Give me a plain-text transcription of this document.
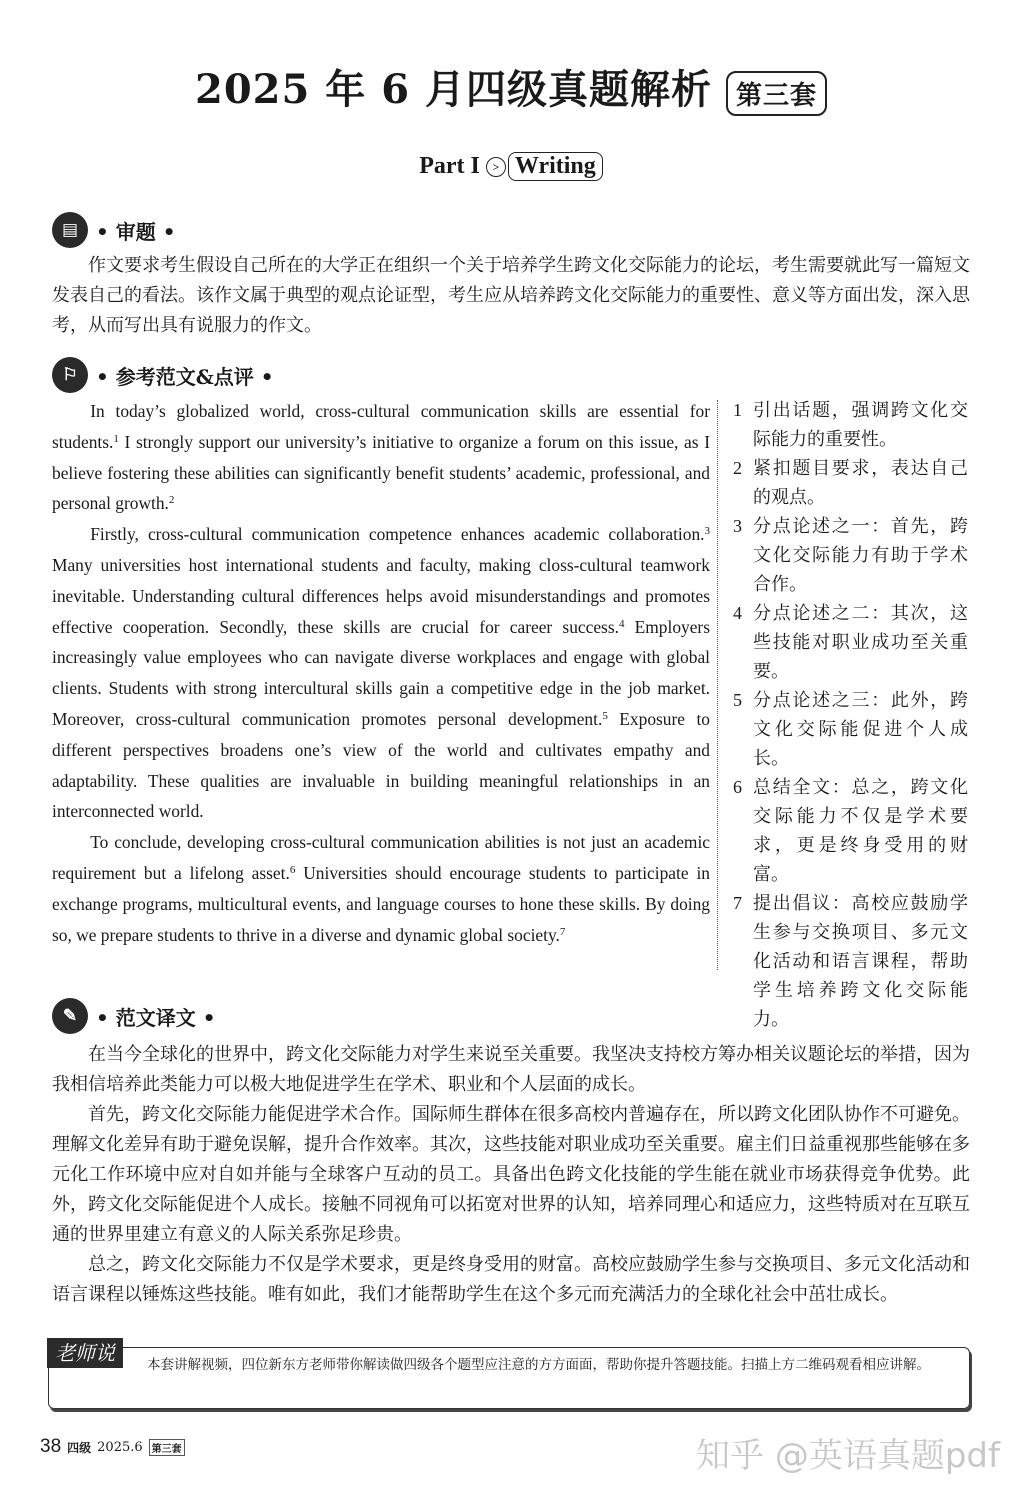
2025 年 6 月四级真题解析 第三套
Part I > Writing
▤ • 审题 •

作文要求考生假设自己所在的大学正在组织一个关于培养学生跨文化交际能力的论坛，考生需要就此写一篇短文发表自己的看法。该作文属于典型的观点论证型，考生应从培养跨文化交际能力的重要性、意义等方面出发，深入思考，从而写出具有说服力的作文。

⚐ • 参考范文&点评 •

In today’s globalized world, cross-cultural communication skills are essential for students.$^1$ I strongly support our university’s initiative to organize a forum on this issue, as I believe fostering these abilities can significantly benefit students’ academic, professional, and personal growth.$^2$

Firstly, cross-cultural communication competence enhances academic collaboration.$^3$ Many universities host international students and faculty, making closs-cultural teamwork inevitable. Understanding cultural differences helps avoid misunderstandings and promotes effective cooperation. Secondly, these skills are crucial for career success.$^4$ Employers increasingly value employees who can navigate diverse workplaces and engage with global clients. Students with strong intercultural skills gain a competitive edge in the job market. Moreover, cross-cultural communication promotes personal development.$^5$ Exposure to different perspectives broadens one’s view of the world and cultivates empathy and adaptability. These qualities are invaluable in building meaningful relationships in an interconnected world.

To conclude, developing cross-cultural communication abilities is not just an academic requirement but a lifelong asset.$^6$ Universities should encourage students to participate in exchange programs, multicultural events, and language courses to hone these skills. By doing so, we prepare students to thrive in a diverse and dynamic global society.$^7$

1 引出话题，强调跨文化交际能力的重要性。
2 紧扣题目要求，表达自己的观点。
3 分点论述之一：首先，跨文化交际能力有助于学术合作。
4 分点论述之二：其次，这些技能对职业成功至关重要。
5 分点论述之三：此外，跨文化交际能促进个人成长。
6 总结全文：总之，跨文化交际能力不仅是学术要求，更是终身受用的财富。
7 提出倡议：高校应鼓励学生参与交换项目、多元文化活动和语言课程，帮助学生培养跨文化交际能力。
✎ • 范文译文 •

在当今全球化的世界中，跨文化交际能力对学生来说至关重要。我坚决支持校方筹办相关议题论坛的举措，因为我相信培养此类能力可以极大地促进学生在学术、职业和个人层面的成长。

首先，跨文化交际能力能促进学术合作。国际师生群体在很多高校内普遍存在，所以跨文化团队协作不可避免。理解文化差异有助于避免误解，提升合作效率。其次，这些技能对职业成功至关重要。雇主们日益重视那些能够在多元化工作环境中应对自如并能与全球客户互动的员工。具备出色跨文化技能的学生能在就业市场获得竞争优势。此外，跨文化交际能促进个人成长。接触不同视角可以拓宽对世界的认知，培养同理心和适应力，这些特质对在互联互通的世界里建立有意义的人际关系弥足珍贵。

总之，跨文化交际能力不仅是学术要求，更是终身受用的财富。高校应鼓励学生参与交换项目、多元文化活动和语言课程以锤炼这些技能。唯有如此，我们才能帮助学生在这个多元而充满活力的全球化社会中茁壮成长。

老师说	本套讲解视频，四位新东方老师带你解读做四级各个题型应注意的方方面面，帮助你提升答题技能。扫描上方二维码观看相应讲解。
38 四级 2025.6 第三套	知乎 @英语真题pdf
